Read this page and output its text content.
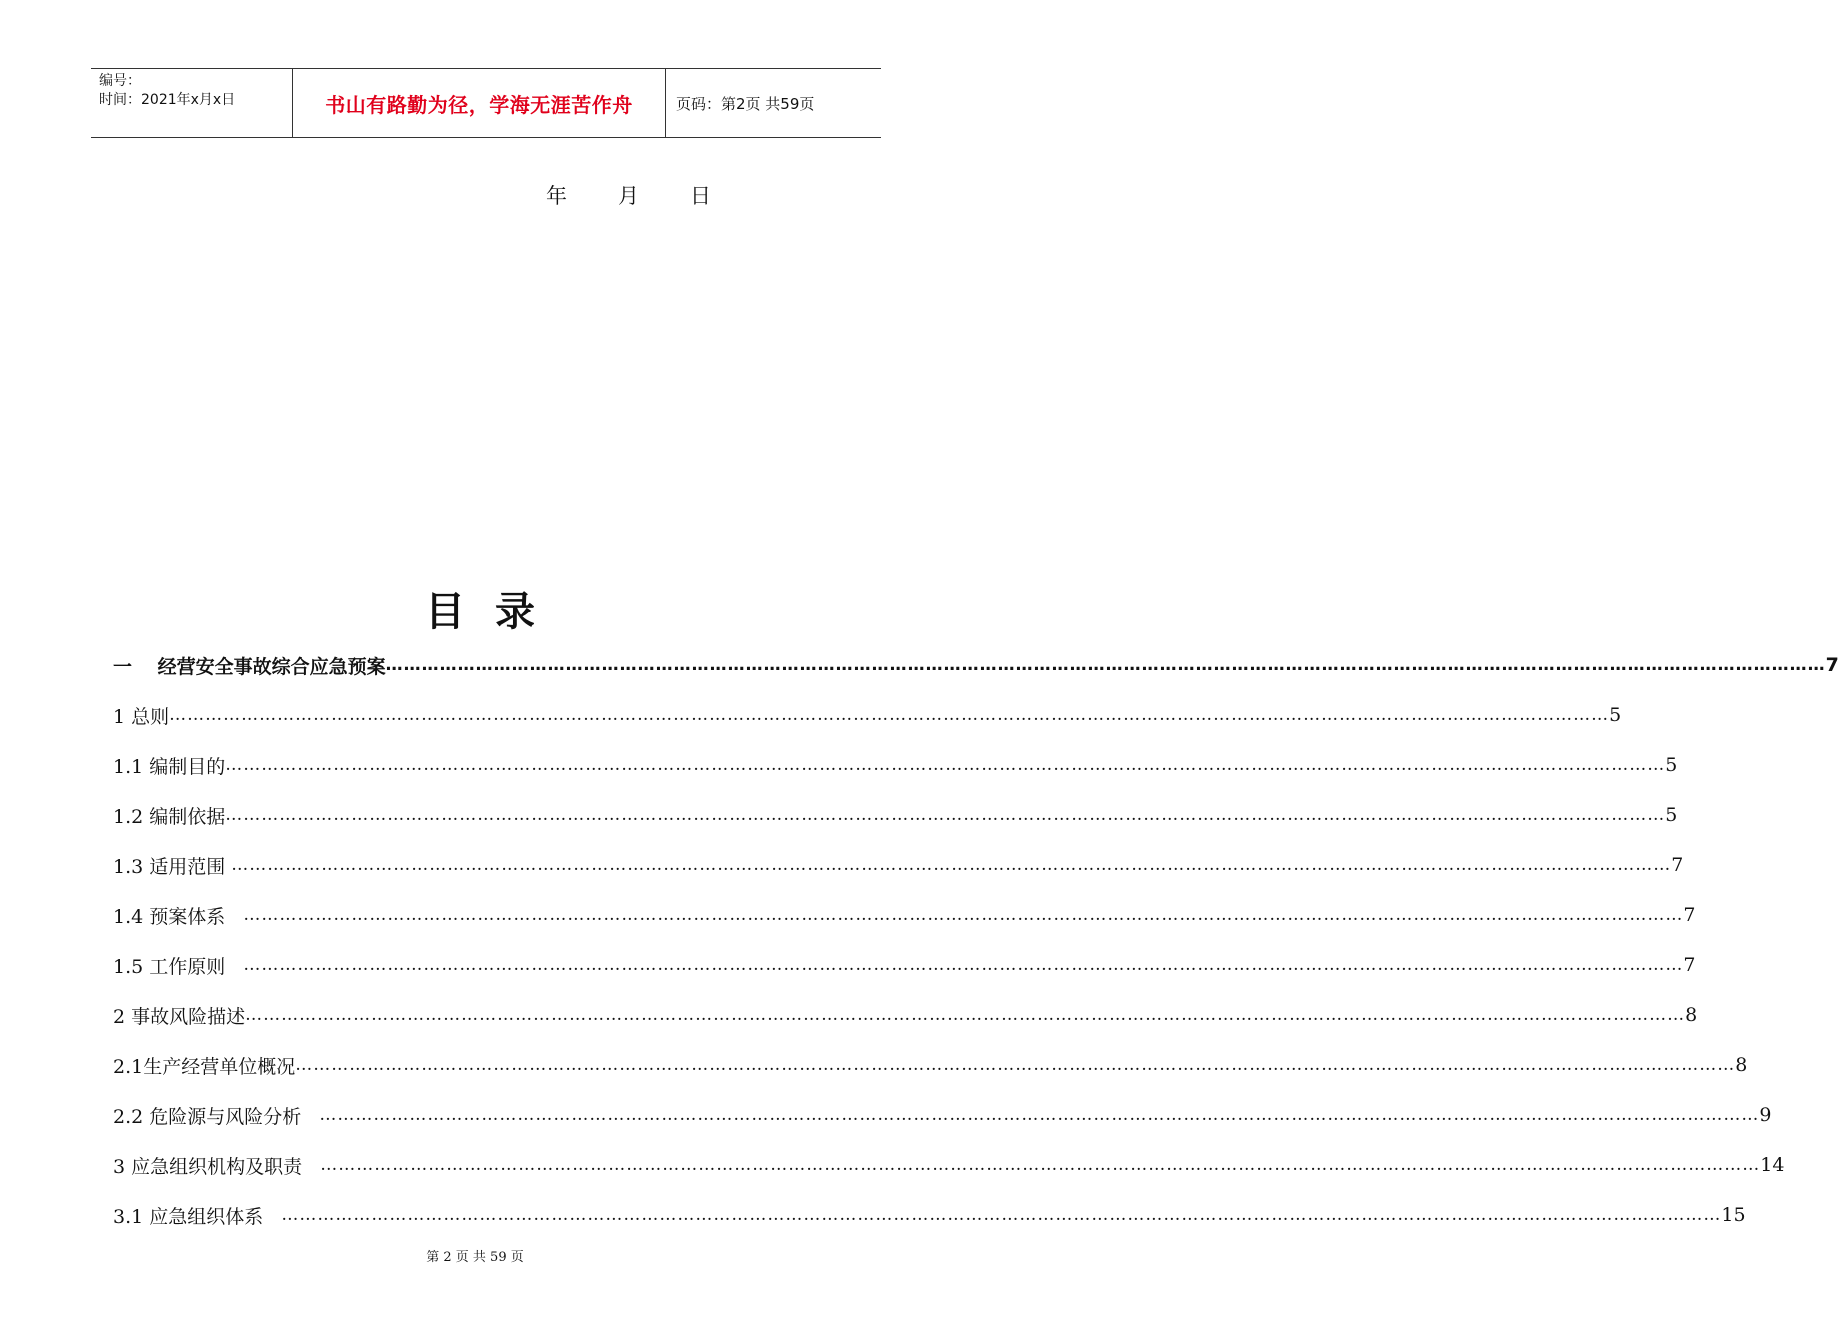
编号：
时间：2021年x月x日	书山有路勤为径，学海无涯苦作舟	页码：第2页 共59页
年	月	日
目录
一　 经营安全事故综合应急预案 …………………………………………………………………………………………………………………………………………………………………………………………………………………… 7
1 总则 …………………………………………………………………………………………………………………………………………………………………………………………………………………… 5
1.1 编制目的 …………………………………………………………………………………………………………………………………………………………………………………………………………………… 5
1.2 编制依据 …………………………………………………………………………………………………………………………………………………………………………………………………………………… 5
1.3 适用范围 …………………………………………………………………………………………………………………………………………………………………………………………………………………… 7
1.4 预案体系 …………………………………………………………………………………………………………………………………………………………………………………………………………………… 7
1.5 工作原则 …………………………………………………………………………………………………………………………………………………………………………………………………………………… 7
2 事故风险描述 …………………………………………………………………………………………………………………………………………………………………………………………………………………… 8
2.1生产经营单位概况 …………………………………………………………………………………………………………………………………………………………………………………………………………………… 8
2.2 危险源与风险分析 …………………………………………………………………………………………………………………………………………………………………………………………………………………… 9
3 应急组织机构及职责 …………………………………………………………………………………………………………………………………………………………………………………………………………………… 14
3.1 应急组织体系 …………………………………………………………………………………………………………………………………………………………………………………………………………………… 15
第 2 页 共 59 页
